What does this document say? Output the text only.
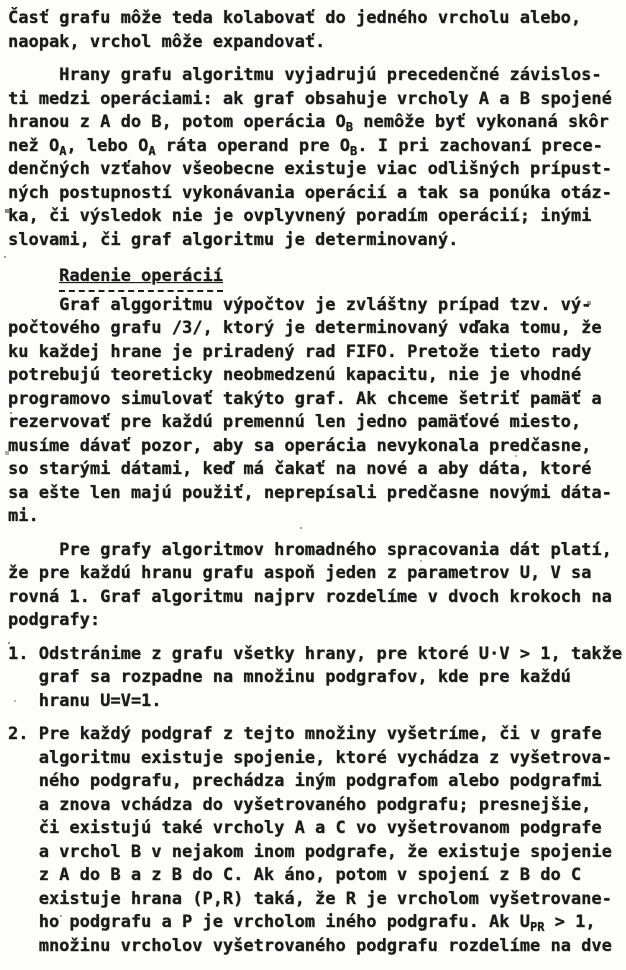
Časť grafu môže teda kolabovať do jedného vrcholu alebo,
naopak, vrchol môže expandovať.
Hrany grafu algoritmu vyjadrujú precedenčné závislos-
ti medzi operáciami: ak graf obsahuje vrcholy A a B spojené
hranou z A do B, potom operácia $O_B$ nemôže byť vykonaná skôr
než $O_A$, lebo $O_A$ ráta operand pre $O_B$. I pri zachovaní prece-
denčných vzťahov všeobecne existuje viac odlišných prípust-
ných postupností vykonávania operácií a tak sa ponúka otáz-
ka, či výsledok nie je ovplyvnený poradím operácií; inými
slovami, či graf algoritmu je determinovaný.
Radenie operácií
Graf alggoritmu výpočtov je zvláštny prípad tzv. vý-
počtového grafu /3/, ktorý je determinovaný vďaka tomu, že
ku každej hrane je priradený rad FIFO. Pretože tieto rady
potrebujú teoreticky neobmedzenú kapacitu, nie je vhodné
programovo simulovať takýto graf. Ak chceme šetriť pamäť a
rezervovať pre každú premennú len jedno pamäťové miesto,
musíme dávať pozor, aby sa operácia nevykonala predčasne,
so starými dátami, keď má čakať na nové a aby dáta, ktoré
sa ešte len majú použiť, neprepísali predčasne novými dáta-
mi.
Pre grafy algoritmov hromadného spracovania dát platí,
že pre každú hranu grafu aspoň jeden z parametrov U, V sa
rovná 1. Graf algoritmu najprv rozdelíme v dvoch krokoch na
podgrafy:
1. Odstránime z grafu všetky hrany, pre ktoré U·V > 1, takže
graf sa rozpadne na množinu podgrafov, kde pre každú
hranu U=V=1.
2. Pre každý podgraf z tejto množiny vyšetríme, či v grafe
algoritmu existuje spojenie, ktoré vychádza z vyšetrova-
ného podgrafu, prechádza iným podgrafom alebo podgrafmi
a znova vchádza do vyšetrovaného podgrafu; presnejšie,
či existujú také vrcholy A a C vo vyšetrovanom podgrafe
a vrchol B v nejakom inom podgrafe, že existuje spojenie
z A do B a z B do C. Ak áno, potom v spojení z B do C
existuje hrana (P,R) taká, že R je vrcholom vyšetrovane-
ho podgrafu a P je vrcholom iného podgrafu. Ak $U_{PR} > 1$,
množinu vrcholov vyšetrovaného podgrafu rozdelíme na dve
